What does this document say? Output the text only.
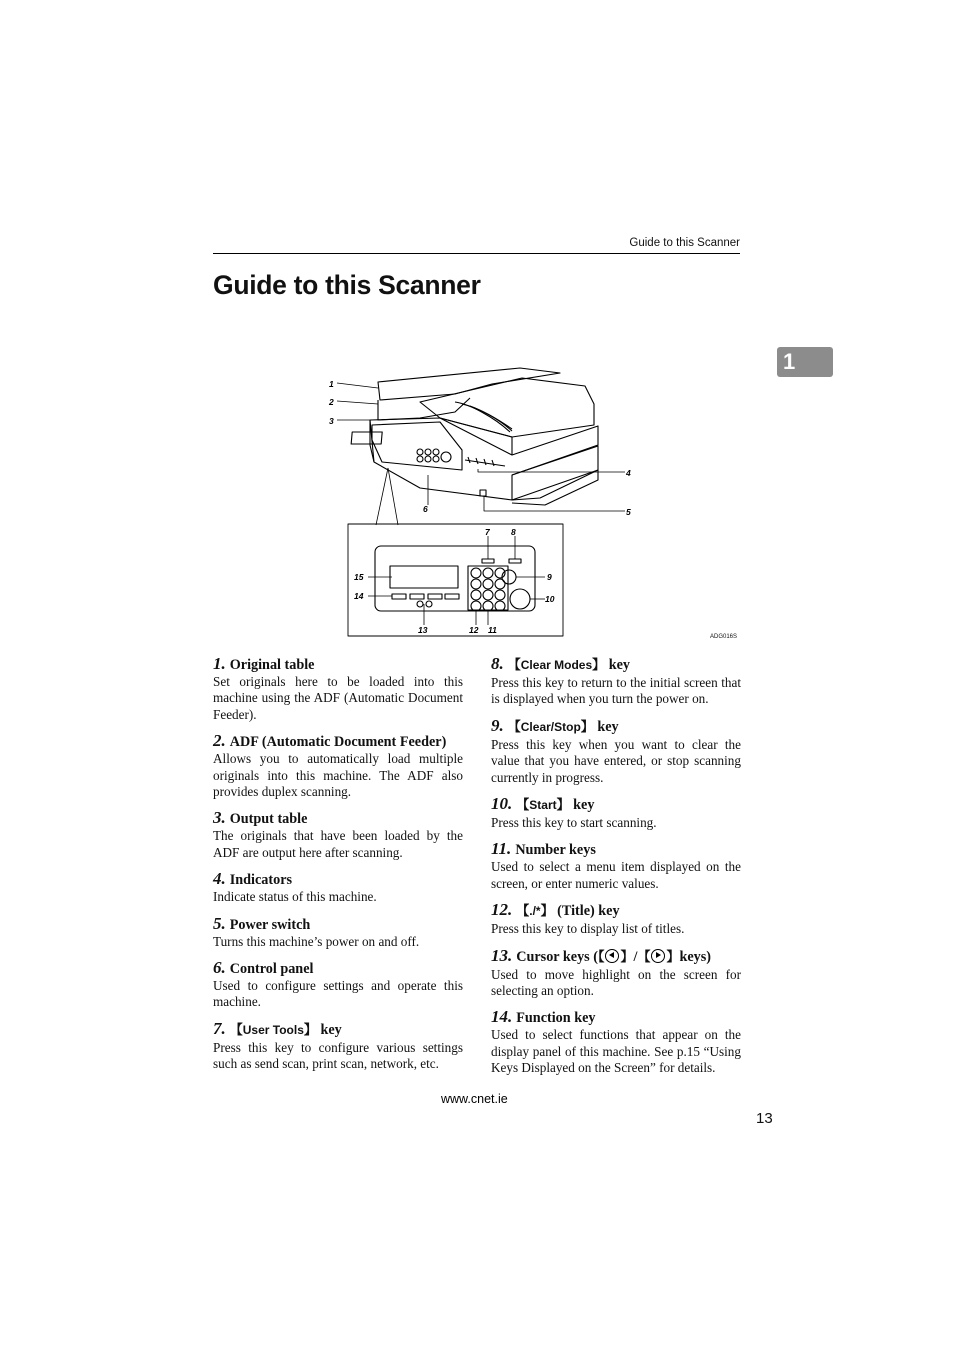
Guide to this Scanner
Guide to this Scanner
1
1
2
3
4
5
6
7	8
9
10
11
12
13
14
15
ADG016S
1. Original table
Set originals here to be loaded into this machine using the ADF (Automatic Document Feeder).
2. ADF (Automatic Document Feeder)
Allows you to automatically load multiple originals into this machine. The ADF also provides duplex scanning.
3. Output table
The originals that have been loaded by the ADF are output here after scanning.
4. Indicators
Indicate status of this machine.
5. Power switch
Turns this machine’s power on and off.
6. Control panel
Used to configure settings and operate this machine.
7. 【User Tools】 key
Press this key to configure various settings such as send scan, print scan, network, etc.
8. 【Clear Modes】 key
Press this key to return to the initial screen that is displayed when you turn the power on.
9. 【Clear/Stop】 key
Press this key when you want to clear the value that you have entered, or stop scanning currently in progress.
10. 【Start】 key
Press this key to start scanning.
11. Number keys
Used to select a menu item displayed on the screen, or enter numeric values.
12. 【./*】 (Title) key
Press this key to display list of titles.
13. Cursor keys (【 】/【 】keys)
Used to move highlight on the screen for selecting an option.
14. Function key
Used to select functions that appear on the display panel of this machine. See p.15 “Using Keys Displayed on the Screen” for details.
www.cnet.ie
13
